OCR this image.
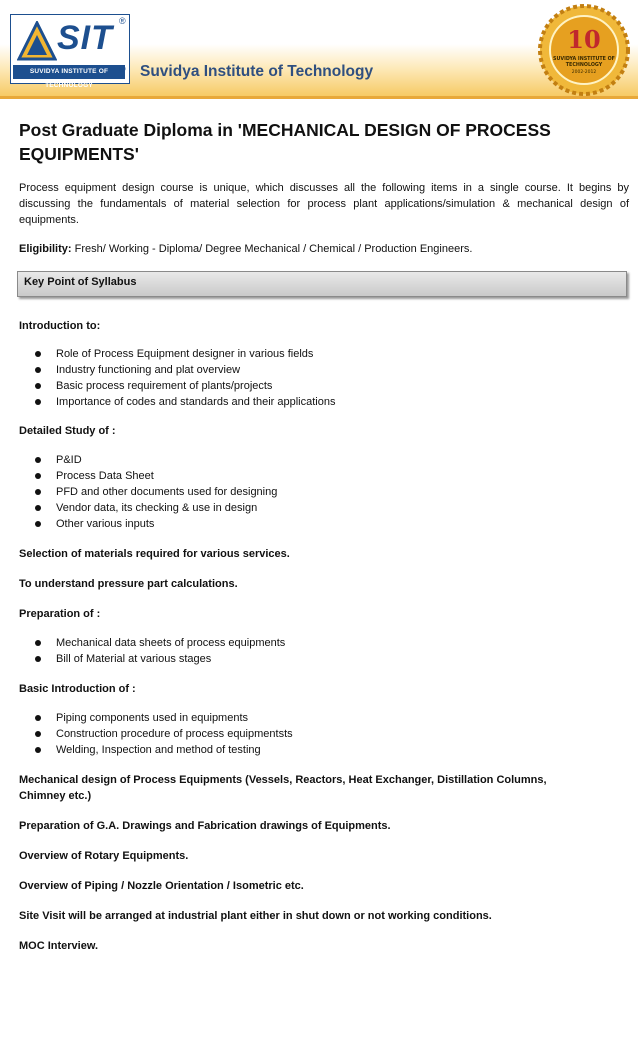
SIT
SUVIDYA INSTITUTE OF TECHNOLOGY
®
® Suvidya Institute of Technology
10
SUVIDYA INSTITUTE OF
TECHNOLOGY
2002-2012
Post Graduate Diploma in 'MECHANICAL DESIGN OF PROCESS EQUIPMENTS'
Process equipment design course is unique, which discusses all the following items in a single course. It begins by discussing the fundamentals of material selection for process plant applications/simulation & mechanical design of equipments.
Eligibility: Fresh/ Working - Diploma/ Degree Mechanical / Chemical / Production Engineers.
Key Point of Syllabus
Introduction to:
Role of Process Equipment designer in various fields
Industry functioning and plat overview
Basic process requirement of plants/projects
Importance of codes and standards and their applications
Detailed Study of :
P&ID
Process Data Sheet
PFD and other documents used for designing
Vendor data, its checking & use in design
Other various inputs
Selection of materials required for various services.
To understand pressure part calculations.
Preparation of :
Mechanical data sheets of process equipments
Bill of Material at various stages
Basic Introduction of :
Piping components used in equipments
Construction procedure of process equipmentsts
Welding, Inspection and method of testing
Mechanical design of Process Equipments (Vessels, Reactors, Heat Exchanger, Distillation Columns,
Chimney etc.)
Preparation of G.A. Drawings and Fabrication drawings of Equipments.
Overview of Rotary Equipments.
Overview of Piping / Nozzle Orientation / Isometric etc.
Site Visit will be arranged at industrial plant either in shut down or not working conditions.
MOC Interview.
